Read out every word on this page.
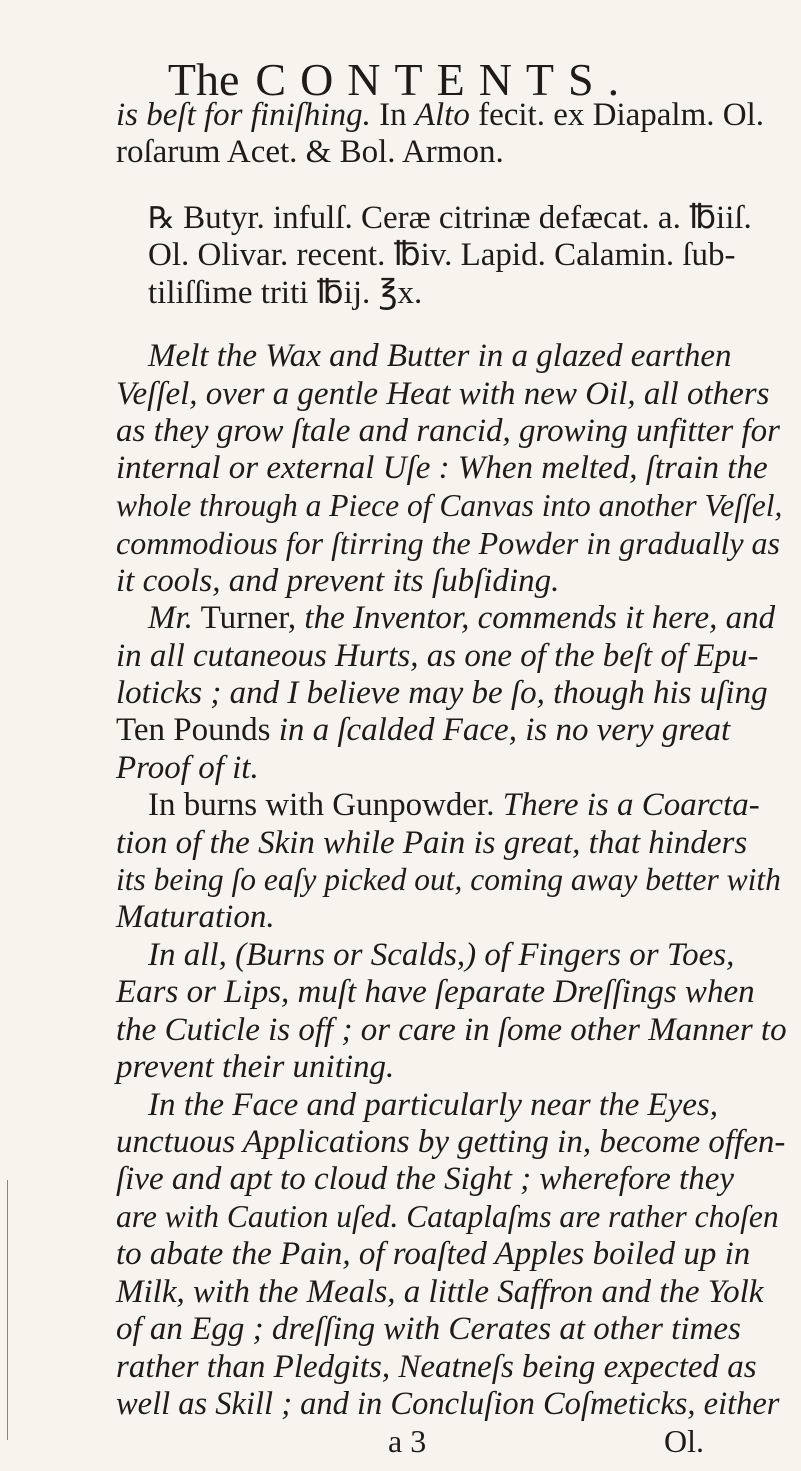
The CONTENTS.
is beſt for finiſhing. In Alto fecit. ex Diapalm. Ol.
roſarum Acet. & Bol. Armon.
℞ Butyr. infulſ. Ceræ citrinæ defæcat. a. ℔iiſ.
Ol. Olivar. recent. ℔iv. Lapid. Calamin. ſub-
tiliſſime triti ℔ij. ℥x.
Melt the Wax and Butter in a glazed earthen
Veſſel, over a gentle Heat with new Oil, all others
as they grow ſtale and rancid, growing unfitter for
internal or external Uſe : When melted, ſtrain the
whole through a Piece of Canvas into another Veſſel,
commodious for ſtirring the Powder in gradually as
it cools, and prevent its ſubſiding.
Mr. Turner, the Inventor, commends it here, and
in all cutaneous Hurts, as one of the beſt of Epu-
loticks ; and I believe may be ſo, though his uſing
Ten Pounds in a ſcalded Face, is no very great
Proof of it.
In burns with Gunpowder. There is a Coarcta-
tion of the Skin while Pain is great, that hinders
its being ſo eaſy picked out, coming away better with
Maturation.
In all, (Burns or Scalds,) of Fingers or Toes,
Ears or Lips, muſt have ſeparate Dreſſings when
the Cuticle is off ; or care in ſome other Manner to
prevent their uniting.
In the Face and particularly near the Eyes,
unctuous Applications by getting in, become offen-
ſive and apt to cloud the Sight ; wherefore they
are with Caution uſed. Cataplaſms are rather choſen
to abate the Pain, of roaſted Apples boiled up in
Milk, with the Meals, a little Saffron and the Yolk
of an Egg ; dreſſing with Cerates at other times
rather than Pledgits, Neatneſs being expected as
well as Skill ; and in Concluſion Coſmeticks, either
a 3	Ol.
